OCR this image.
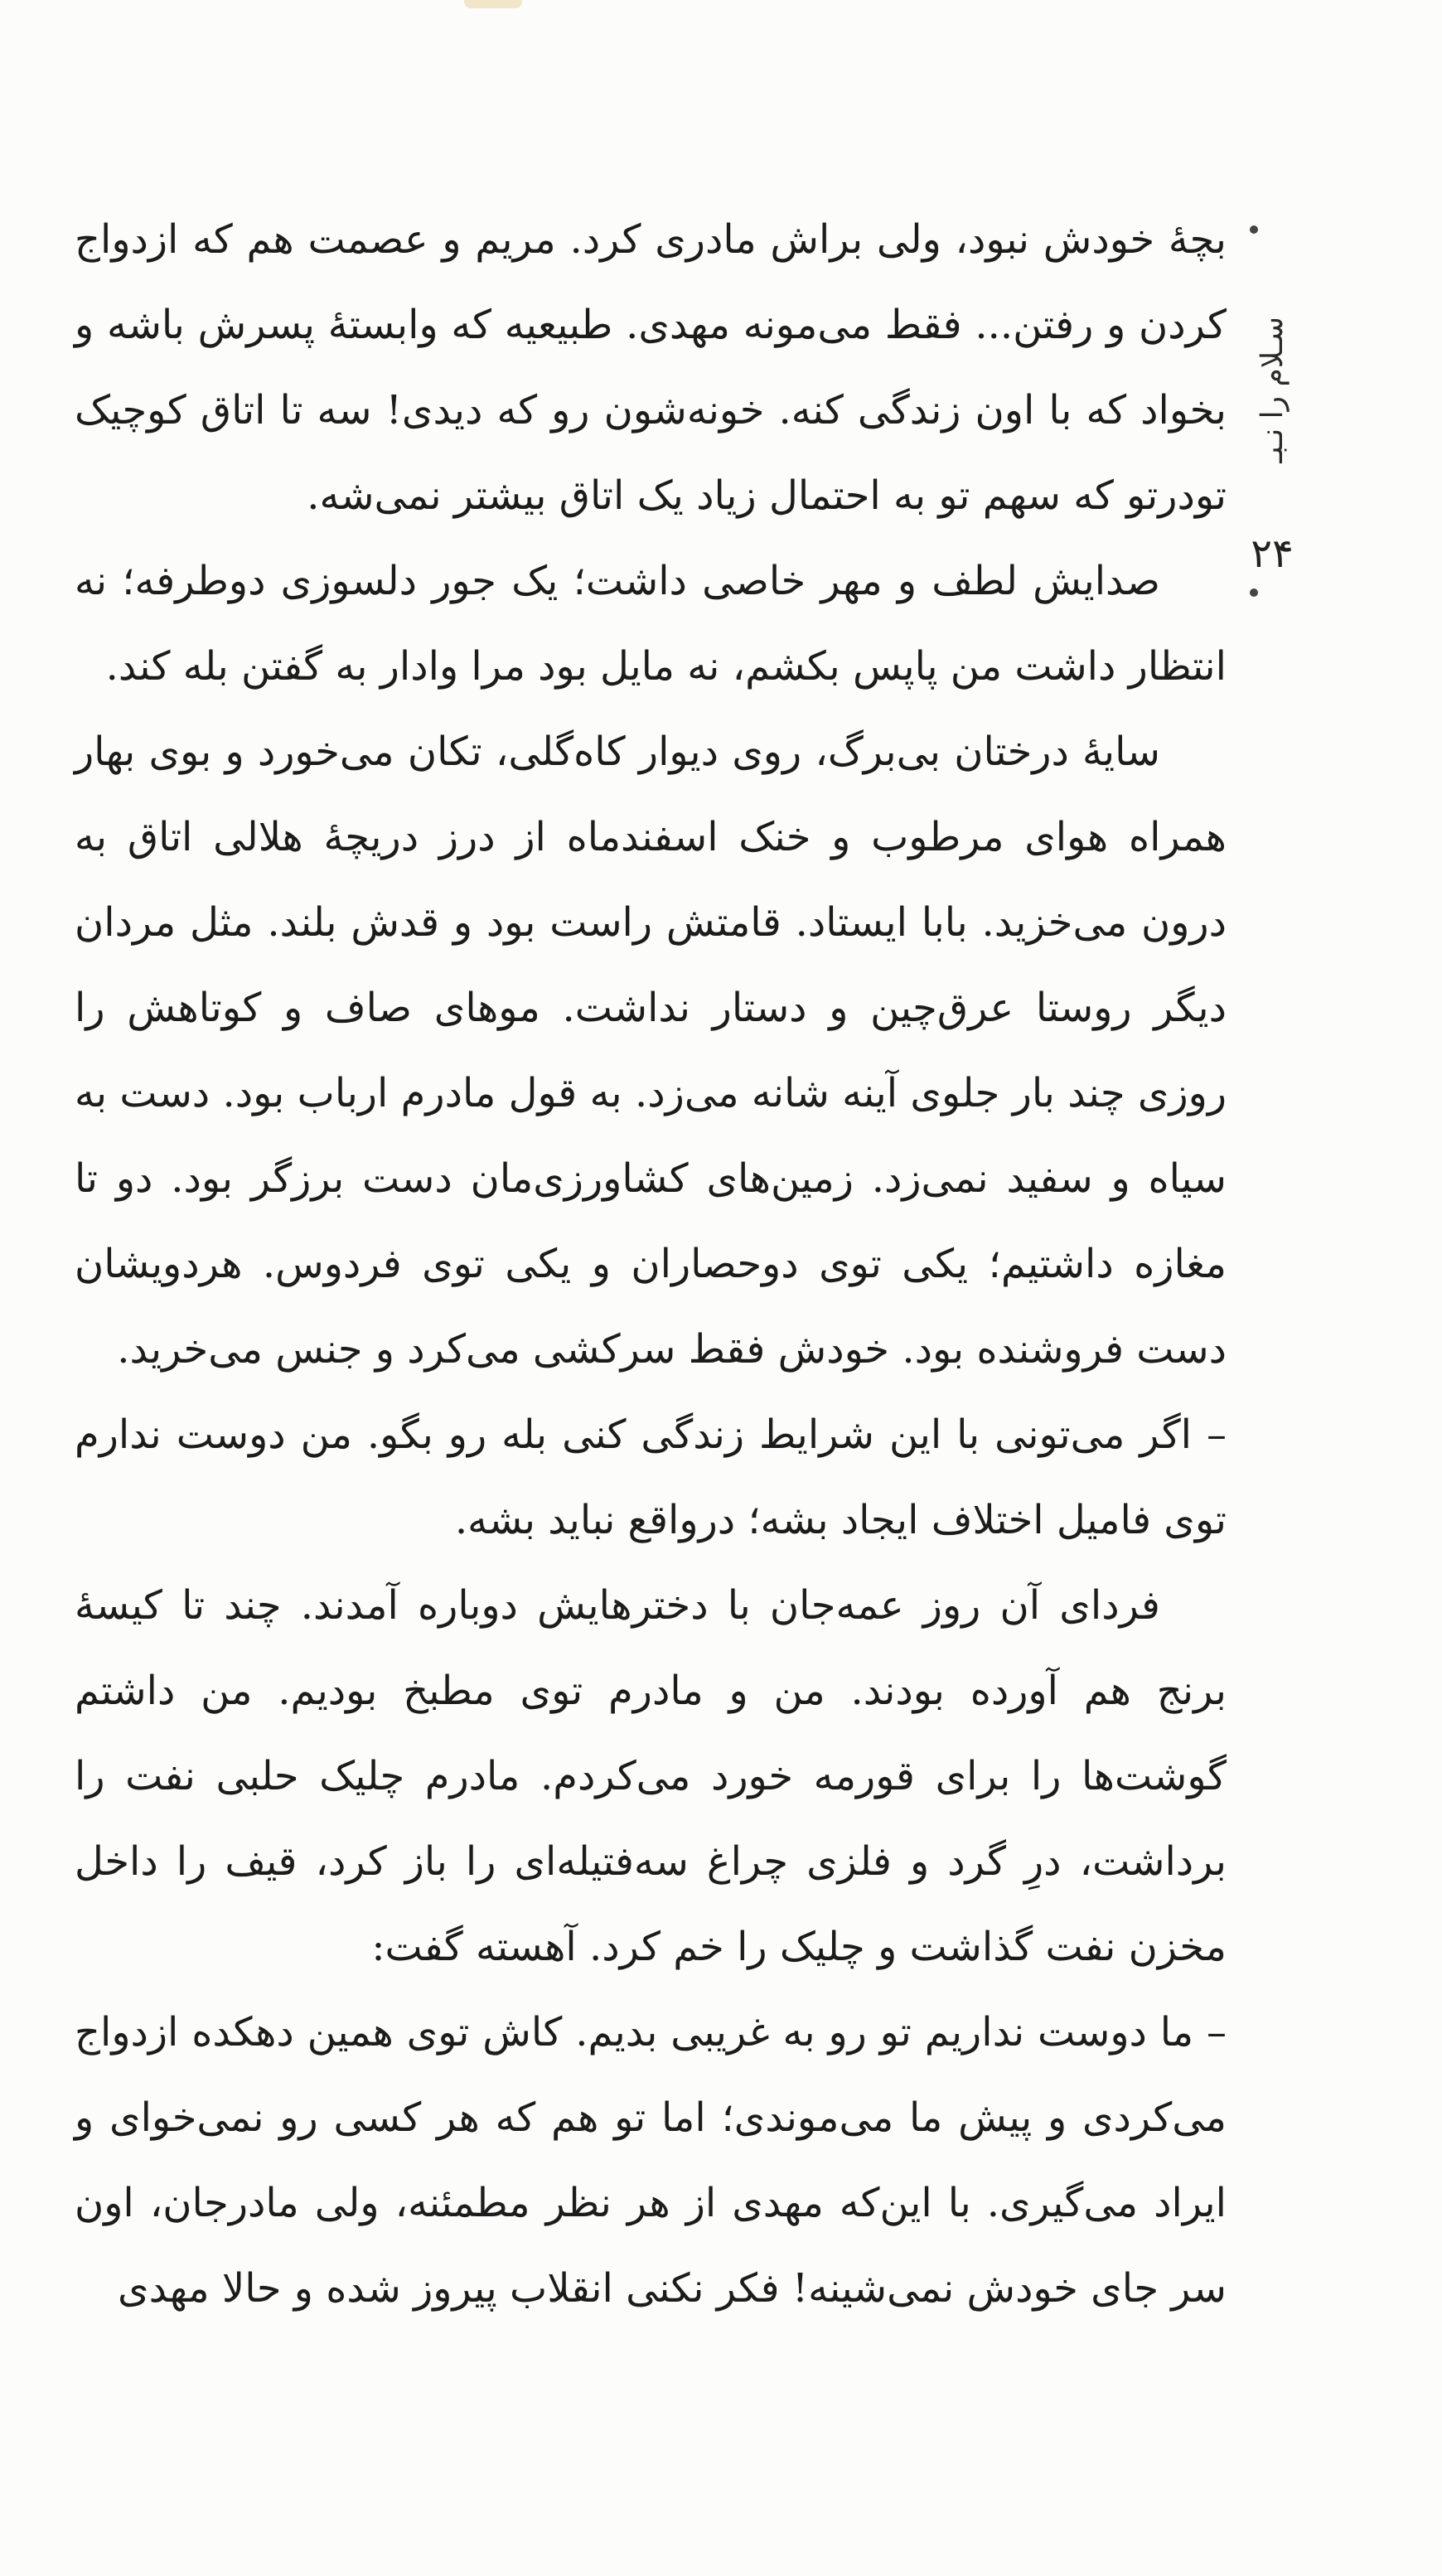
سـلام را نـبـ
۲۴

بچهٔ خودش نبود، ولی براش مادری کرد. مریم و عصمت هم که ازدواج کردن و رفتن... فقط می‌مونه مهدی. طبیعیه که وابستهٔ پسرش باشه و بخواد که با اون زندگی کنه. خونه‌شون رو که دیدی! سه تا اتاق کوچیک تودرتو که سهم تو به احتمال زیاد یک اتاق بیشتر نمی‌شه.

صدایش لطف و مهر خاصی داشت؛ یک جور دلسوزی دوطرفه؛ نه انتظار داشت من پاپس بکشم، نه مایل بود مرا وادار به گفتن بله کند.

سایهٔ درختان بی‌برگ، روی دیوار کاه‌گلی، تکان می‌خورد و بوی بهار همراه هوای مرطوب و خنک اسفندماه از درز دریچهٔ هلالی اتاق به درون می‌خزید. بابا ایستاد. قامتش راست بود و قدش بلند. مثل مردان دیگر روستا عرق‌چین و دستار نداشت. موهای صاف و کوتاهش را روزی چند بار جلوی آینه شانه می‌زد. به قول مادرم ارباب بود. دست به سیاه و سفید نمی‌زد. زمین‌های کشاورزی‌مان دست برزگر بود. دو تا مغازه داشتیم؛ یکی توی دوحصاران و یکی توی فردوس. هردویشان دست فروشنده بود. خودش فقط سرکشی می‌کرد و جنس می‌خرید.

– اگر می‌تونی با این شرایط زندگی کنی بله رو بگو. من دوست ندارم توی فامیل اختلاف ایجاد بشه؛ درواقع نباید بشه.

فردای آن روز عمه‌جان با دخترهایش دوباره آمدند. چند تا کیسهٔ برنج هم آورده بودند. من و مادرم توی مطبخ بودیم. من داشتم گوشت‌ها را برای قورمه خورد می‌کردم. مادرم چلیک حلبی نفت را برداشت، درِ گرد و فلزی چراغ سه‌فتیله‌ای را باز کرد، قیف را داخل مخزن نفت گذاشت و چلیک را خم کرد. آهسته گفت:

– ما دوست نداریم تو رو به غریبی بدیم. کاش توی همین دهکده ازدواج می‌کردی و پیش ما می‌موندی؛ اما تو هم که هر کسی رو نمی‌خوای و ایراد می‌گیری. با این‌که مهدی از هر نظر مطمئنه، ولی مادرجان، اون سر جای خودش نمی‌شینه! فکر نکنی انقلاب پیروز شده و حالا مهدی
